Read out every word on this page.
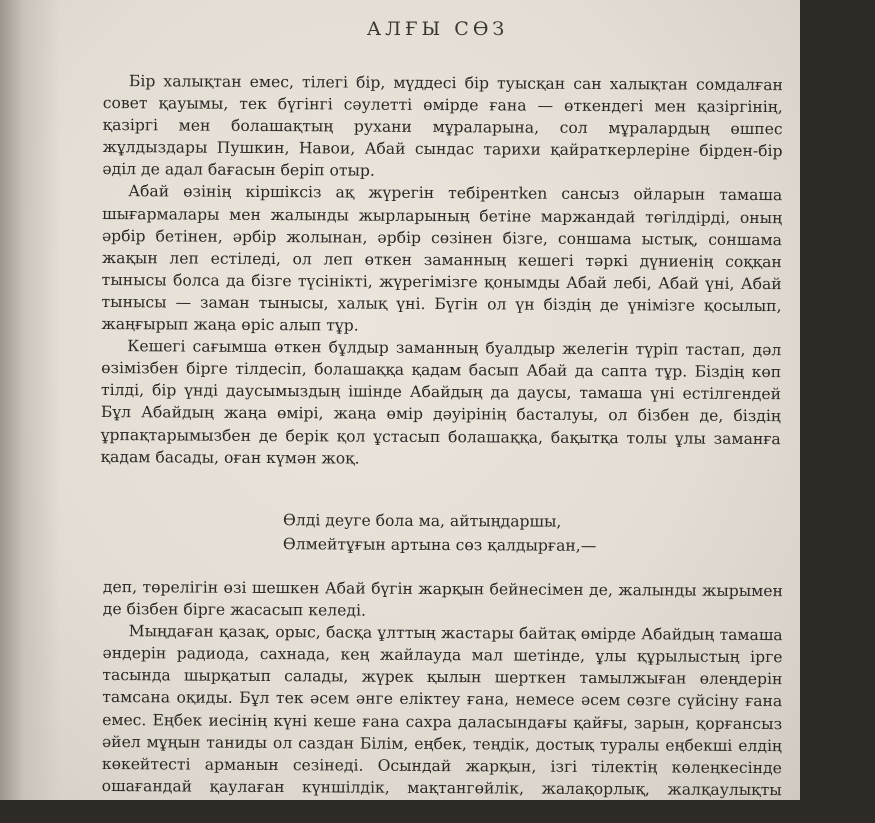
АЛҒЫ СӨЗ

Бір халықтан емес, тілегі бір, мүддесі бір туысқан сан халықтан сомдалған совет қауымы, тек бүгінгі сәулетті өмірде ғана — өткендегі мен қазіргінің, қазіргі мен болашақтың рухани мұраларына, сол мұралардың өшпес жұлдыздары Пушкин, Навои, Абай сындас тарихи қайраткерлеріне бірден-бір әділ де адал бағасын беріп отыр.

Абай өзінің кіршіксіз ақ жүрегін тебірентken сансыз ойларын тамаша шығармалары мен жалынды жырларының бетіне маржандай төгілдірді, оның әрбір бетінен, әрбір жолынан, әрбір сөзінен бізге, соншама ыстық, соншама жақын леп естіледі, ол леп өткен заманның кешегі тәркі дүниенің соққан тынысы болса да бізге түсінікті, жүрегімізге қонымды Абай лебі, Абай үні, Абай тынысы — заман тынысы, халық үні. Бүгін ол үн біздің де үнімізге қосылып, жаңғырып жаңа өріс алып тұр.

Кешегі сағымша өткен бұлдыр заманның буалдыр желегін түріп тастап, дәл өзімізбен бірге тілдесіп, болашаққа қадам басып Абай да сапта тұр. Біздің көп тілді, бір үнді даусымыздың ішінде Абайдың да даусы, тамаша үні естілгендей Бұл Абайдың жаңа өмірі, жаңа өмір дәуірінің басталуы, ол бізбен де, біздің ұрпақтарымызбен де берік қол ұстасып болашаққа, бақытқа толы ұлы заманға қадам басады, оған күмән жоқ.

Өлді деуге бола ма, айтыңдаршы,
Өлмейтұғын артына сөз қалдырған,—

деп, төрелігін өзі шешкен Абай бүгін жарқын бейнесімен де, жалынды жырымен де бізбен бірге жасасып келеді.

Мыңдаған қазақ, орыс, басқа ұлттың жастары байтақ өмірде Абайдың тамаша әндерін радиода, сахнада, кең жайлауда мал шетінде, ұлы құрылыстың іргe тасында шырқатып салады, жүрек қылын шерткен тамылжыған өлеңдерін тамсана оқиды. Бұл тек әсем әнге еліктеу ғана, немесе әсем сөзге сүйсіну ғана емес. Еңбек иесінің күні кеше ғана сахра даласындағы қайғы, зарын, қорғансыз әйел мұңын таниды ол саздан Білім, еңбек, теңдік, достық туралы еңбекші елдің көкейтесті арманын сезінеді. Осындай жарқын, ізгі тілектің көлеңкесінде ошағандай қаулаған күншілдік, мақтангөйлік, жалақорлық, жалқаулықты шенеген шы-
